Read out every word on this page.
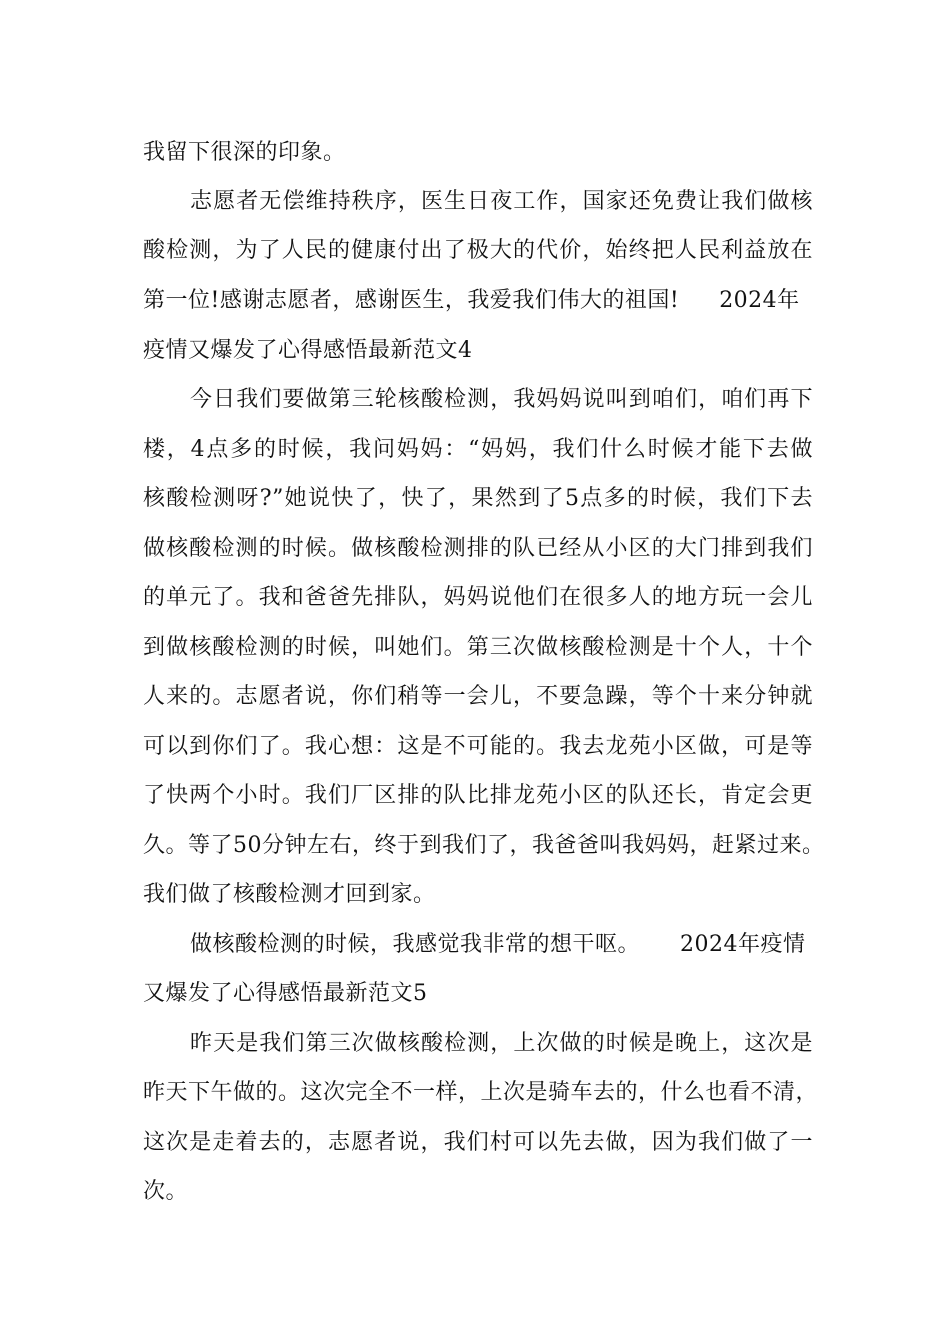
我留下很深的印象。
志愿者无偿维持秩序，医生日夜工作，国家还免费让我们做核
酸检测，为了人民的健康付出了极大的代价，始终把人民利益放在
第一位!感谢志愿者，感谢医生，我爱我们伟大的祖国! 2024年
疫情又爆发了心得感悟最新范文4
今日我们要做第三轮核酸检测，我妈妈说叫到咱们，咱们再下
楼，4点多的时候，我问妈妈：“妈妈，我们什么时候才能下去做
核酸检测呀?”她说快了，快了，果然到了5点多的时候，我们下去
做核酸检测的时候。做核酸检测排的队已经从小区的大门排到我们
的单元了。我和爸爸先排队，妈妈说他们在很多人的地方玩一会儿
到做核酸检测的时候，叫她们。第三次做核酸检测是十个人，十个
人来的。志愿者说，你们稍等一会儿，不要急躁，等个十来分钟就
可以到你们了。我心想：这是不可能的。我去龙苑小区做，可是等
了快两个小时。我们厂区排的队比排龙苑小区的队还长，肯定会更
久。等了50分钟左右，终于到我们了，我爸爸叫我妈妈，赶紧过来。
我们做了核酸检测才回到家。
做核酸检测的时候，我感觉我非常的想干呕。 2024年疫情
又爆发了心得感悟最新范文5
昨天是我们第三次做核酸检测，上次做的时候是晚上，这次是
昨天下午做的。这次完全不一样，上次是骑车去的，什么也看不清，
这次是走着去的，志愿者说，我们村可以先去做，因为我们做了一
次。
